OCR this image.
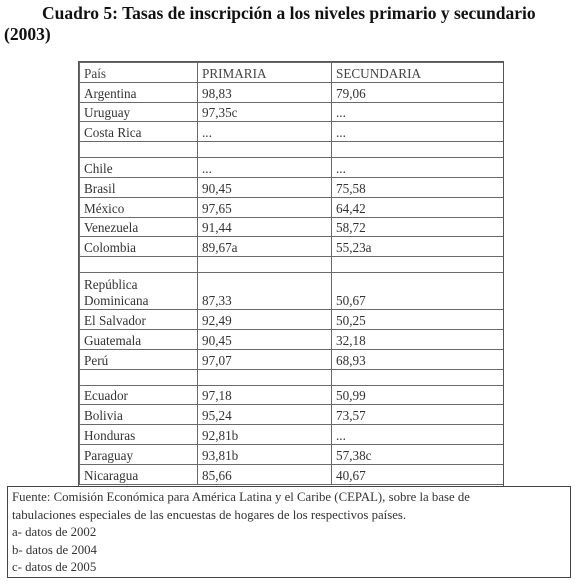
Cuadro 5: Tasas de inscripción a los niveles primario y secundario
(2003)
País	PRIMARIA	SECUNDARIA
Argentina	98,83	79,06
Uruguay	97,35c	...
Costa Rica	...	...

Chile	...	...
Brasil	90,45	75,58
México	97,65	64,42
Venezuela	91,44	58,72
Colombia	89,67a	55,23a

República Dominicana	87,33	50,67
El Salvador	92,49	50,25
Guatemala	90,45	32,18
Perú	97,07	68,93

Ecuador	97,18	50,99
Bolivia	95,24	73,57
Honduras	92,81b	...
Paraguay	93,81b	57,38c
Nicaragua	85,66	40,67
Fuente: Comisión Económica para América Latina y el Caribe (CEPAL), sobre la base de
tabulaciones especiales de las encuestas de hogares de los respectivos países.
a- datos de 2002
b- datos de 2004
c- datos de 2005
